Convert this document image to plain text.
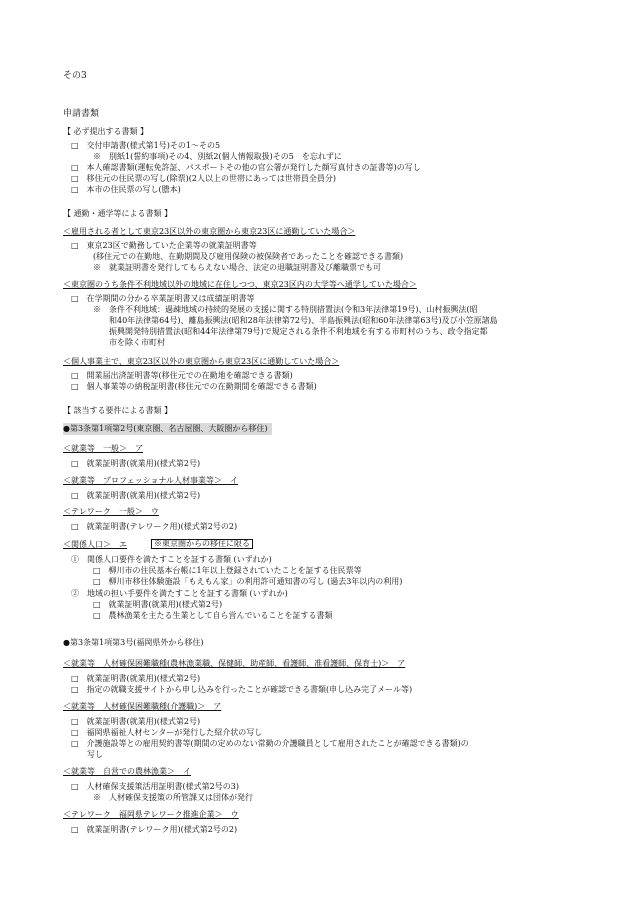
その3
申請書類
【 必ず提出する書類 】
□　交付申請書(様式第1号)その1～その5
※　別紙1(誓約事項)その4、別紙2(個人情報取扱)その5　を忘れずに
□　本人確認書類(運転免許証、パスポートその他の官公署が発行した顔写真付きの証書等)の写し
□　移住元の住民票の写し(除票)(2人以上の世帯にあっては世帯員全員分)
□　本市の住民票の写し(謄本)
【 通勤・通学等による書類 】
＜雇用される者として東京23区以外の東京圏から東京23区に通勤していた場合＞
□　東京23区で勤務していた企業等の就業証明書等
(移住元での在勤地、在勤期間及び雇用保険の被保険者であったことを確認できる書類)
※　就業証明書を発行してもらえない場合、法定の退職証明書及び離職票でも可
＜東京圏のうち条件不利地域以外の地域に在住しつつ、東京23区内の大学等へ通学していた場合＞
□　在学期間の分かる卒業証明書又は成績証明書等
※　条件不利地域：過疎地域の持続的発展の支援に関する特別措置法(令和3年法律第19号)、山村振興法(昭
和40年法律第64号)、離島振興法(昭和28年法律第72号)、半島振興法(昭和60年法律第63号)及び小笠原諸島
振興開発特別措置法(昭和44年法律第79号)で規定される条件不利地域を有する市町村のうち、政令指定都
市を除く市町村
＜個人事業主で、東京23区以外の東京圏から東京23区に通勤していた場合＞
□　開業届出済証明書等(移住元での在勤地を確認できる書類)
□　個人事業等の納税証明書(移住元での在勤期間を確認できる書類)
【 該当する要件による書類 】
●第3条第1項第2号(東京圏、名古屋圏、大阪圏から移住)
＜就業等　一般＞　ア
□　就業証明書(就業用)(様式第2号)
＜就業等　プロフェッショナル人材事業等＞　イ
□　就業証明書(就業用)(様式第2号)
＜テレワーク　一般＞　ウ
□　就業証明書(テレワーク用)(様式第2号の2)
＜関係人口＞　エ	※東京圏からの移住に限る
①　関係人口要件を満たすことを証する書類 (いずれか)
□　柳川市の住民基本台帳に1年以上登録されていたことを証する住民票等
□　柳川市移住体験施設「もえもん家」の利用許可通知書の写し (過去3年以内の利用)
②　地域の担い手要件を満たすことを証する書類 (いずれか)
□　就業証明書(就業用)(様式第2号)
□　農林漁業を主たる生業として自ら営んでいることを証する書類
●第3条第1項第3号(福岡県外から移住)
＜就業等　人材確保困難職種(農林漁業職、保健師、助産師、看護師、准看護師、保育士)＞　ア
□　就業証明書(就業用)(様式第2号)
□　指定の就職支援サイトから申し込みを行ったことが確認できる書類(申し込み完了メール等)
＜就業等　人材確保困難職種(介護職)＞　ア
□　就業証明書(就業用)(様式第2号)
□　福岡県福祉人材センターが発行した紹介状の写し
□　介護施設等との雇用契約書等(期間の定めのない常勤の介護職員として雇用されたことが確認できる書類)の
写し
＜就業等　自営での農林漁業＞　イ
□　人材確保支援策活用証明書(様式第2号の3)
※　人材確保支援策の所管課又は団体が発行
＜テレワーク　福岡県テレワーク推進企業＞　ウ
□　就業証明書(テレワーク用)(様式第2号の2)
